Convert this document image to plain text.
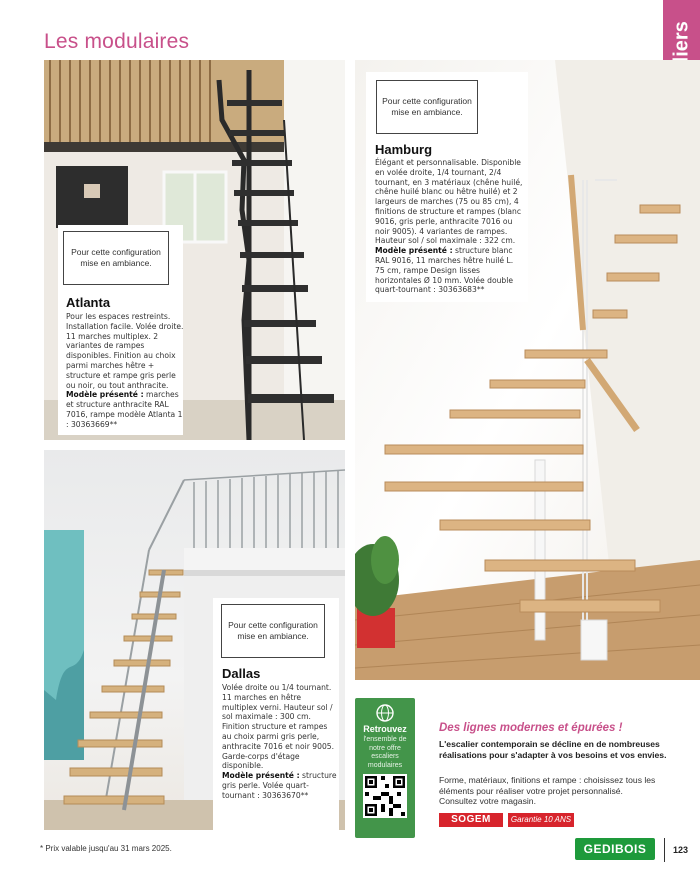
Les modulaires
Pour cette configuration mise en ambiance.
Atlanta
Pour les espaces restreints. Installation facile. Volée droite. 11 marches multiplex. 2 variantes de rampes disponibles. Finition au choix parmi marches hêtre + structure et rampe gris perle ou noir, ou tout anthracite.
Modèle présenté : marches et structure anthracite RAL 7016, rampe modèle Atlanta 1 : 30363669**
Pour cette configuration mise en ambiance.
Hamburg
Élégant et personnalisable. Disponible en volée droite, 1/4 tournant, 2/4 tournant, en 3 matériaux (chêne huilé, chêne huilé blanc ou hêtre huilé) et 2 largeurs de marches (75 ou 85 cm), 4 finitions de structure et rampes (blanc 9016, gris perle, anthracite 7016 ou noir 9005). 4 variantes de rampes. Hauteur sol / sol maximale : 322 cm.
Modèle présenté : structure blanc RAL 9016, 11 marches hêtre huilé L. 75 cm, rampe Design lisses horizontales Ø 10 mm. Volée double quart-tournant : 30363683**
Pour cette configuration mise en ambiance.
Dallas
Volée droite ou 1/4 tournant. 11 marches en hêtre multiplex verni. Hauteur sol / sol maximale : 300 cm. Finition structure et rampes au choix parmi gris perle, anthracite 7016 et noir 9005. Garde-corps d'étage disponible.
Modèle présenté : structure gris perle. Volée quart-tournant : 30363670**
Retrouvez
l'ensemble de notre offre escaliers modulaires
Des lignes modernes et épurées !
L'escalier contemporain se décline en de nombreuses réalisations pour s'adapter à vos besoins et vos envies.
Forme, matériaux, finitions et rampe : choisissez tous les éléments pour réaliser votre projet personnalisé. Consultez votre magasin.
SOGEM	Garantie 10 ANS
* Prix valable jusqu'au 31 mars 2025.	GEDIBOIS	123
